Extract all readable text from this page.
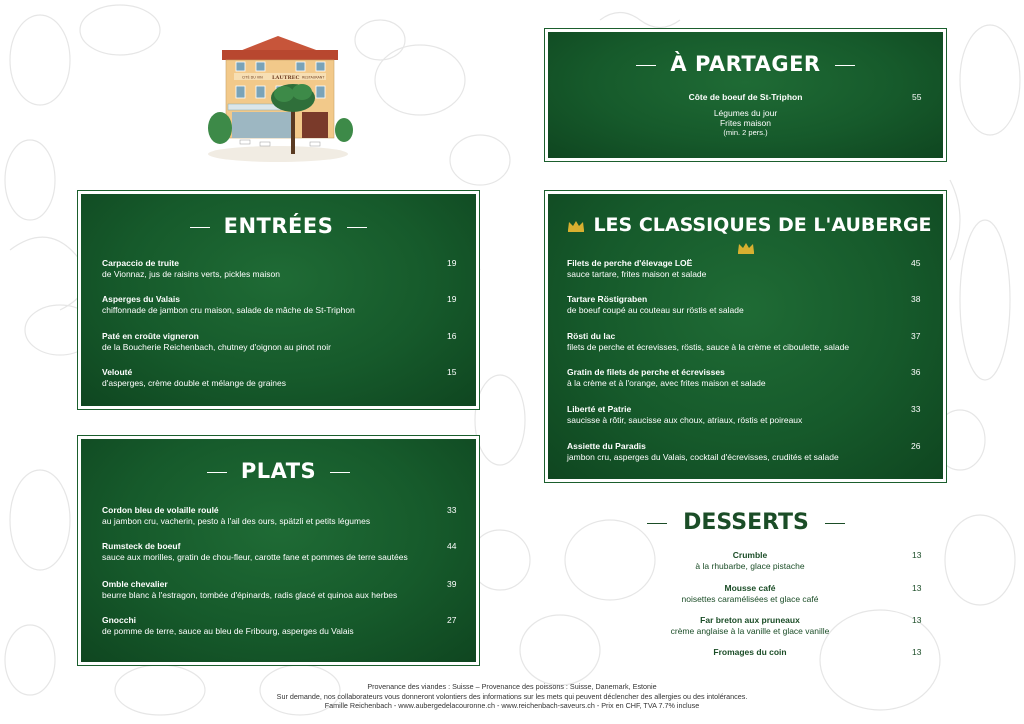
CITÉ DU VIN LAUTREC RESTAURANT
À PARTAGER
Côte de boeuf de St-Triphon
Légumes du jour
Frites maison
(min. 2 pers.)
55
ENTRÉES
Carpaccio de truite
de Vionnaz, jus de raisins verts, pickles maison
19
Asperges du Valais
chiffonnade de jambon cru maison, salade de mâche de St-Triphon
19
Paté en croûte vigneron
de la Boucherie Reichenbach, chutney d'oignon au pinot noir
16
Velouté
d'asperges, crème double et mélange de graines
15
PLATS
Cordon bleu de volaille roulé
au jambon cru, vacherin, pesto à l'ail des ours, spätzli et petits légumes
33
Rumsteck de boeuf
sauce aux morilles, gratin de chou-fleur, carotte fane et pommes de terre sautées
44
Omble chevalier
beurre blanc à l'estragon, tombée d'épinards, radis glacé et quinoa aux herbes
39
Gnocchi
de pomme de terre, sauce au bleu de Fribourg, asperges du Valais
27
LES CLASSIQUES DE L'AUBERGE
Filets de perche d'élevage LOË
sauce tartare, frites maison et salade
45
Tartare Röstigraben
de boeuf coupé au couteau sur röstis et salade
38
Rösti du lac
filets de perche et écrevisses, röstis, sauce à la crème et ciboulette, salade
37
Gratin de filets de perche et écrevisses
à la crème et à l'orange, avec frites maison et salade
36
Liberté et Patrie
saucisse à rôtir, saucisse aux choux, atriaux, röstis et poireaux
33
Assiette du Paradis
jambon cru, asperges du Valais, cocktail d'écrevisses, crudités et salade
26
DESSERTS
Crumble
à la rhubarbe, glace pistache
13
Mousse café
noisettes caramélisées et glace café
13
Far breton aux pruneaux
crème anglaise à la vanille et glace vanille
13
Fromages du coin	13
Provenance des viandes : Suisse – Provenance des poissons : Suisse, Danemark, Estonie
Sur demande, nos collaborateurs vous donneront volontiers des informations sur les mets qui peuvent déclencher des allergies ou des intolérances.
Famille Reichenbach - www.aubergedelacouronne.ch - www.reichenbach-saveurs.ch - Prix en CHF, TVA 7.7% incluse
